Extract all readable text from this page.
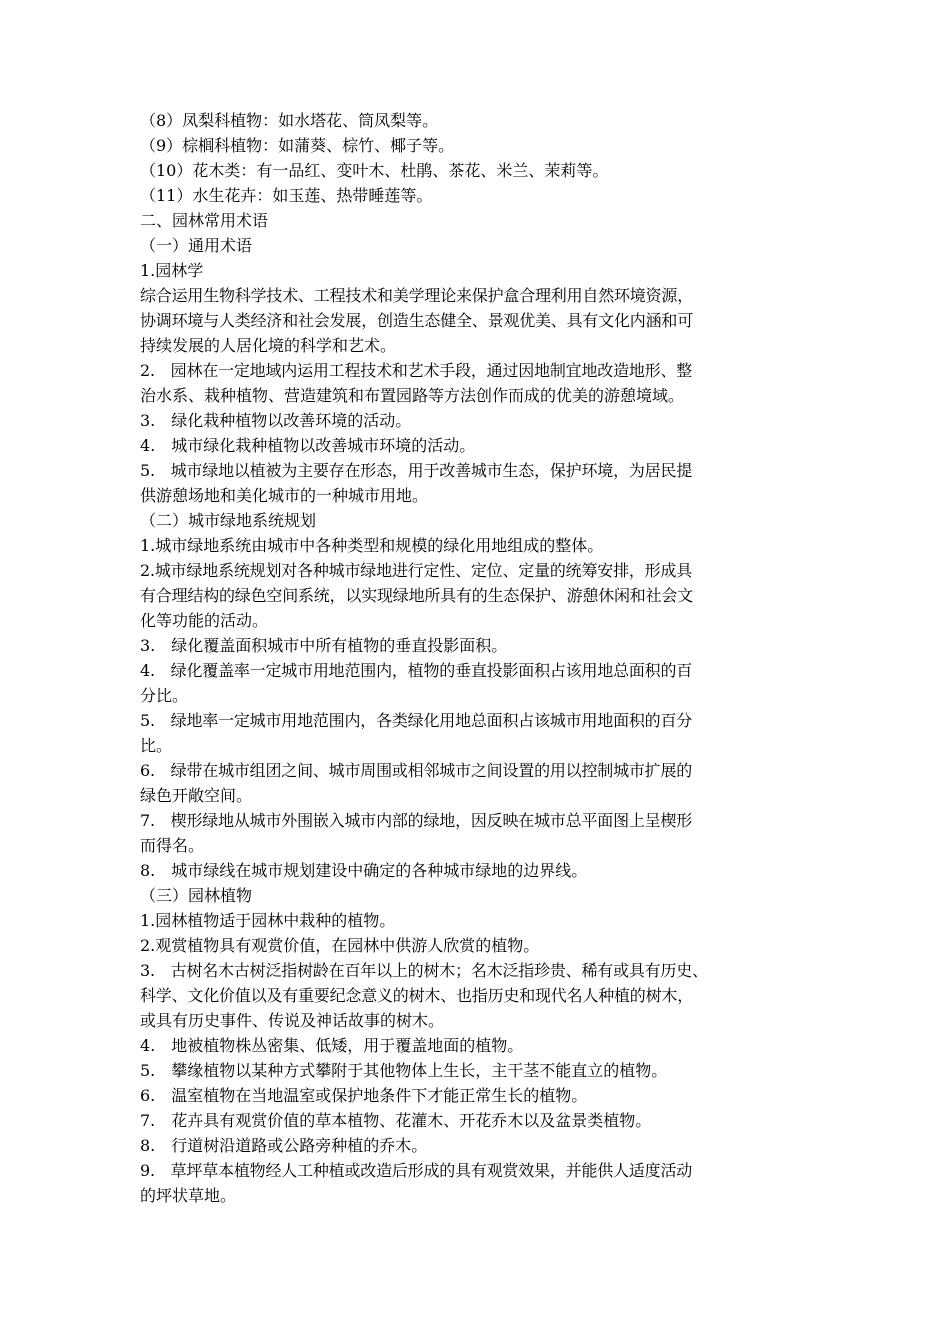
（8）凤梨科植物：如水塔花、筒凤梨等。
（9）棕榈科植物：如蒲葵、棕竹、椰子等。
（10）花木类：有一品红、变叶木、杜鹃、茶花、米兰、茉莉等。
（11）水生花卉：如玉莲、热带睡莲等。
二、园林常用术语
（一）通用术语
1.园林学
综合运用生物科学技术、工程技术和美学理论来保护盒合理利用自然环境资源，
协调环境与人类经济和社会发展，创造生态健全、景观优美、具有文化内涵和可
持续发展的人居化境的科学和艺术。
2.　园林在一定地域内运用工程技术和艺术手段，通过因地制宜地改造地形、整
治水系、栽种植物、营造建筑和布置园路等方法创作而成的优美的游憩境域。
3.　绿化栽种植物以改善环境的活动。
4.　城市绿化栽种植物以改善城市环境的活动。
5.　城市绿地以植被为主要存在形态，用于改善城市生态，保护环境，为居民提
供游憩场地和美化城市的一种城市用地。
（二）城市绿地系统规划
1.城市绿地系统由城市中各种类型和规模的绿化用地组成的整体。
2.城市绿地系统规划对各种城市绿地进行定性、定位、定量的统筹安排，形成具
有合理结构的绿色空间系统，以实现绿地所具有的生态保护、游憩休闲和社会文
化等功能的活动。
3.　绿化覆盖面积城市中所有植物的垂直投影面积。
4.　绿化覆盖率一定城市用地范围内，植物的垂直投影面积占该用地总面积的百
分比。
5.　绿地率一定城市用地范围内，各类绿化用地总面积占该城市用地面积的百分
比。
6.　绿带在城市组团之间、城市周围或相邻城市之间设置的用以控制城市扩展的
绿色开敞空间。
7.　楔形绿地从城市外围嵌入城市内部的绿地，因反映在城市总平面图上呈楔形
而得名。
8.　城市绿线在城市规划建设中确定的各种城市绿地的边界线。
（三）园林植物
1.园林植物适于园林中栽种的植物。
2.观赏植物具有观赏价值，在园林中供游人欣赏的植物。
3.　古树名木古树泛指树龄在百年以上的树木；名木泛指珍贵、稀有或具有历史、
科学、文化价值以及有重要纪念意义的树木、也指历史和现代名人种植的树木，
或具有历史事件、传说及神话故事的树木。
4.　地被植物株丛密集、低矮，用于覆盖地面的植物。
5.　攀缘植物以某种方式攀附于其他物体上生长，主干茎不能直立的植物。
6.　温室植物在当地温室或保护地条件下才能正常生长的植物。
7.　花卉具有观赏价值的草本植物、花灌木、开花乔木以及盆景类植物。
8.　行道树沿道路或公路旁种植的乔木。
9.　草坪草本植物经人工种植或改造后形成的具有观赏效果，并能供人适度活动
的坪状草地。
